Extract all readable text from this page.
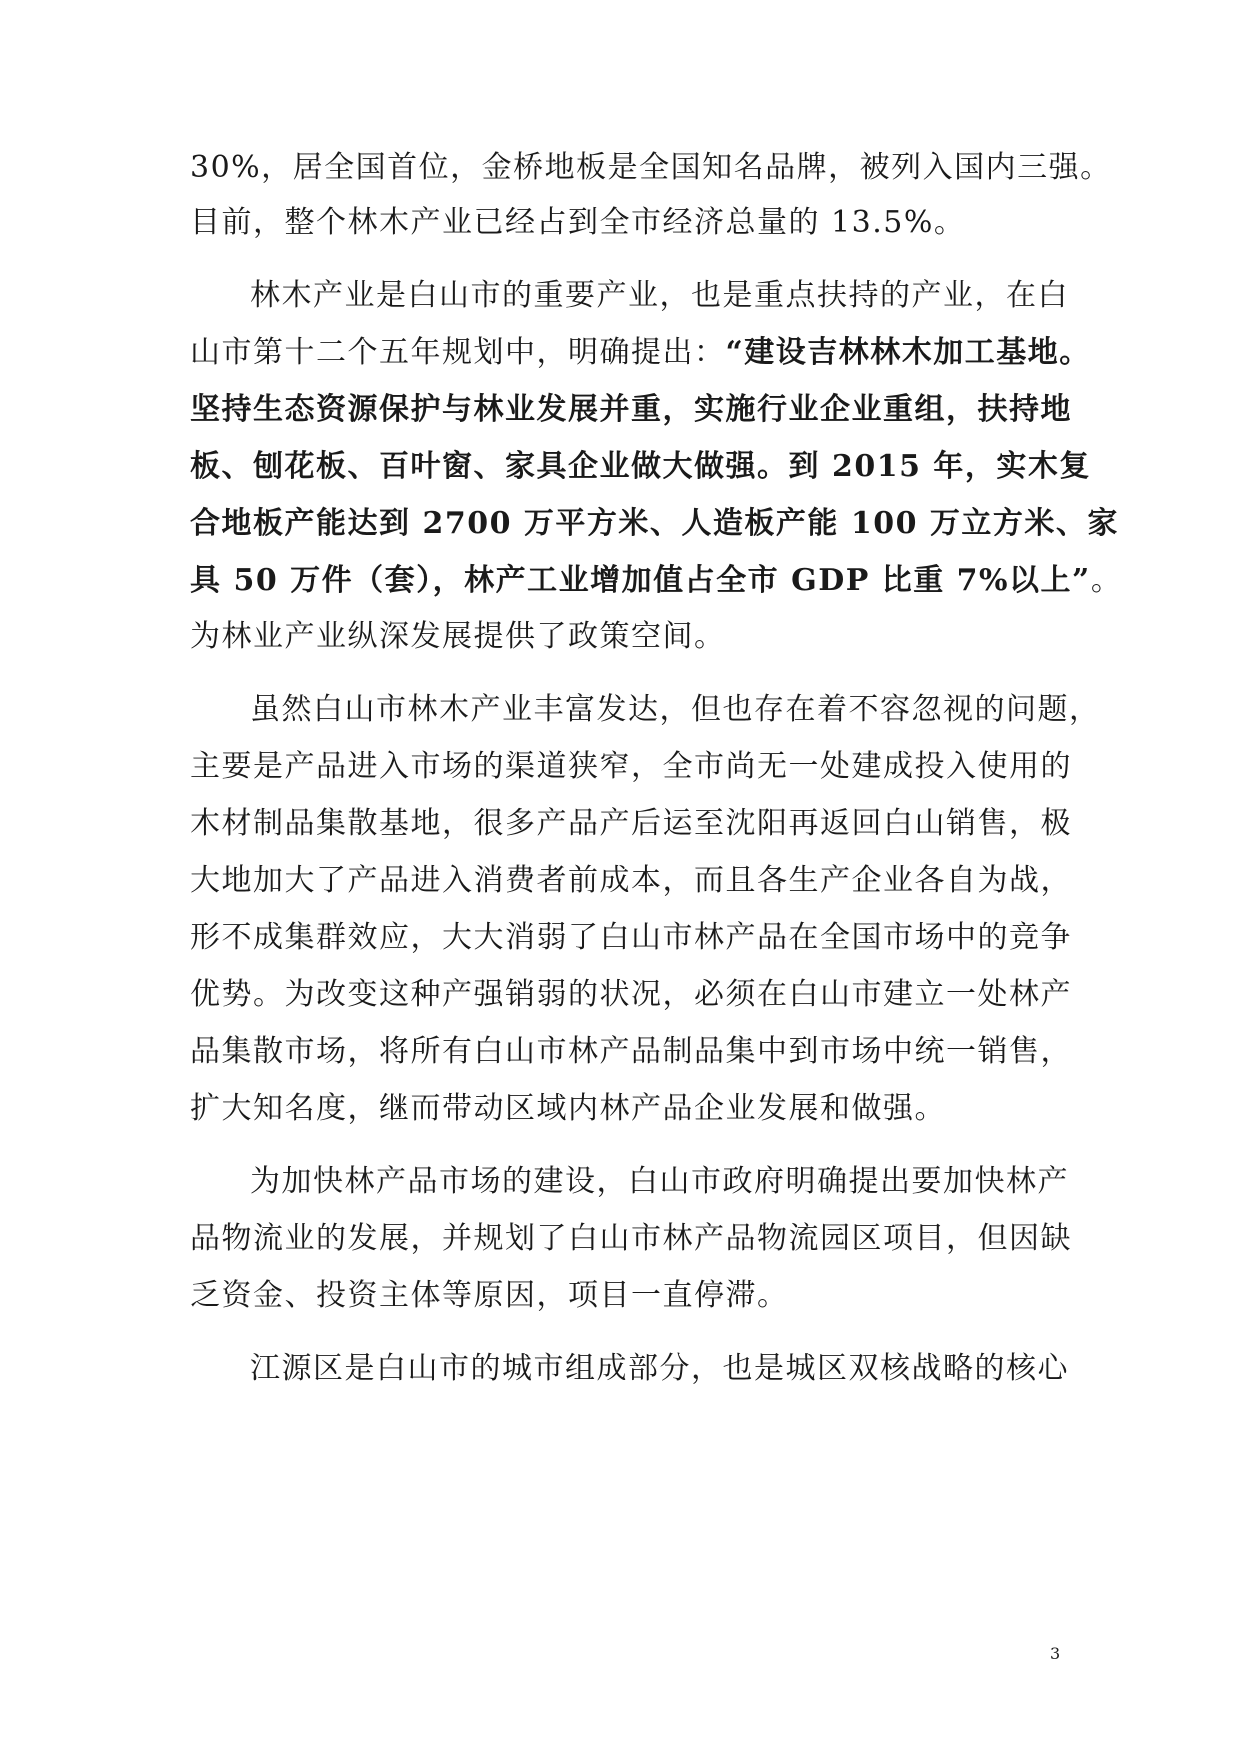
30%，居全国首位，金桥地板是全国知名品牌，被列入国内三强。
目前，整个林木产业已经占到全市经济总量的 13.5%。
林木产业是白山市的重要产业，也是重点扶持的产业，在白
山市第十二个五年规划中，明确提出：“建设吉林林木加工基地。
坚持生态资源保护与林业发展并重，实施行业企业重组，扶持地
板、刨花板、百叶窗、家具企业做大做强。到 2015 年，实木复
合地板产能达到 2700 万平方米、人造板产能 100 万立方米、家
具 50 万件（套），林产工业增加值占全市 GDP 比重 7%以上”。
为林业产业纵深发展提供了政策空间。
虽然白山市林木产业丰富发达，但也存在着不容忽视的问题，
主要是产品进入市场的渠道狭窄，全市尚无一处建成投入使用的
木材制品集散基地，很多产品产后运至沈阳再返回白山销售，极
大地加大了产品进入消费者前成本，而且各生产企业各自为战，
形不成集群效应，大大消弱了白山市林产品在全国市场中的竞争
优势。为改变这种产强销弱的状况，必须在白山市建立一处林产
品集散市场，将所有白山市林产品制品集中到市场中统一销售，
扩大知名度，继而带动区域内林产品企业发展和做强。
为加快林产品市场的建设，白山市政府明确提出要加快林产
品物流业的发展，并规划了白山市林产品物流园区项目，但因缺
乏资金、投资主体等原因，项目一直停滞。
江源区是白山市的城市组成部分，也是城区双核战略的核心
3
